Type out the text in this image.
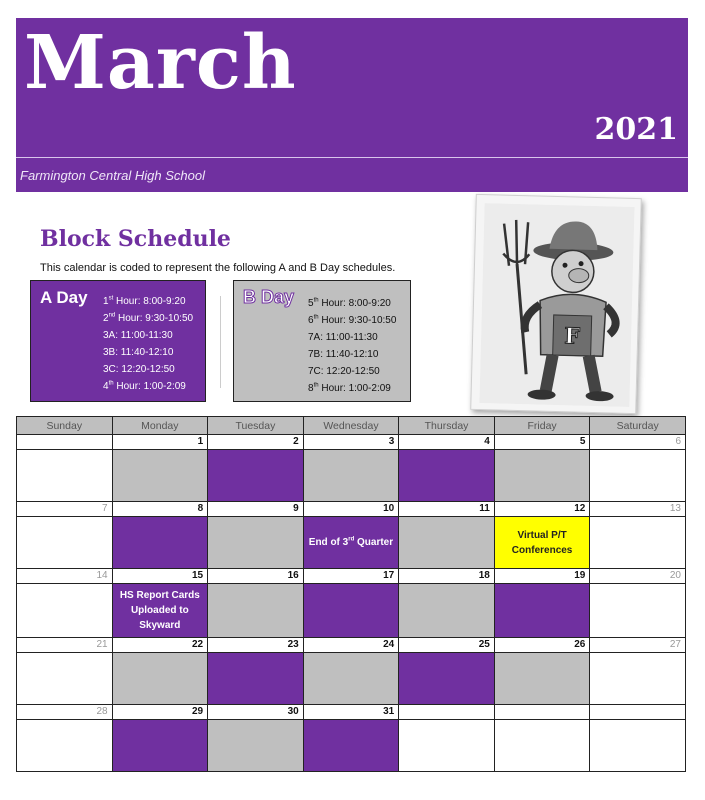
March
2021
Farmington Central High School
Block Schedule
This calendar is coded to represent the following A and B Day schedules.
A Day 1st Hour: 8:00-9:20
2nd Hour: 9:30-10:50
3A: 11:00-11:30
3B: 11:40-12:10
3C: 12:20-12:50
4th Hour: 1:00-2:09
B Day 5th Hour: 8:00-9:20
6th Hour: 9:30-10:50
7A: 11:00-11:30
7B: 11:40-12:10
7C: 12:20-12:50
8th Hour: 1:00-2:09
F
Sunday	Monday	Tuesday	Wednesday	Thursday	Friday	Saturday
	1	2	3	4	5	6

7	8	9	10	11	12	13

			End of 3rd Quarter		Virtual P/T
Conferences	

14	15	16	17	18	19	20

	HS Report Cards
Uploaded to
Skyward					

21	22	23	24	25	26	27

28	29	30	31			
